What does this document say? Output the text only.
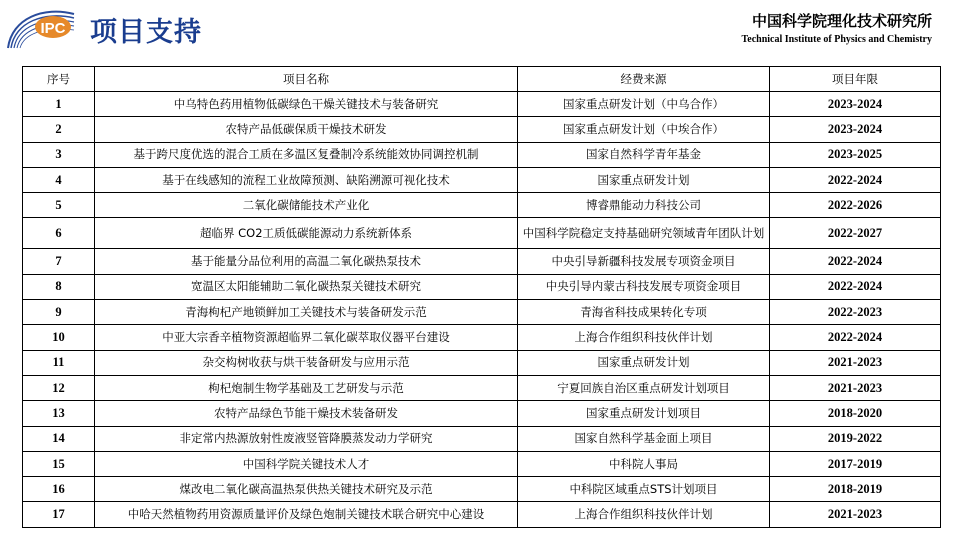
IPC 项目支持	中国科学院理化技术研究所
Technical Institute of Physics and Chemistry
序号	项目名称	经费来源	项目年限
1	中乌特色药用植物低碳绿色干燥关键技术与装备研究	国家重点研发计划（中乌合作）	2023-2024
2	农特产品低碳保质干燥技术研发	国家重点研发计划（中埃合作）	2023-2024
3	基于跨尺度优选的混合工质在多温区复叠制冷系统能效协同调控机制	国家自然科学青年基金	2023-2025
4	基于在线感知的流程工业故障预测、缺陷溯源可视化技术	国家重点研发计划	2022-2024
5	二氧化碳储能技术产业化	博睿鼎能动力科技公司	2022-2026
6	超临界 CO2工质低碳能源动力系统新体系	中国科学院稳定支持基础研究领域青年团队计划	2022-2027
7	基于能量分品位利用的高温二氧化碳热泵技术	中央引导新疆科技发展专项资金项目	2022-2024
8	宽温区太阳能辅助二氧化碳热泵关键技术研究	中央引导内蒙古科技发展专项资金项目	2022-2024
9	青海枸杞产地锁鲜加工关键技术与装备研发示范	青海省科技成果转化专项	2022-2023
10	中亚大宗香辛植物资源超临界二氧化碳萃取仪器平台建设	上海合作组织科技伙伴计划	2022-2024
11	杂交构树收获与烘干装备研发与应用示范	国家重点研发计划	2021-2023
12	枸杞炮制生物学基础及工艺研发与示范	宁夏回族自治区重点研发计划项目	2021-2023
13	农特产品绿色节能干燥技术装备研发	国家重点研发计划项目	2018-2020
14	非定常内热源放射性废液竖管降膜蒸发动力学研究	国家自然科学基金面上项目	2019-2022
15	中国科学院关键技术人才	中科院人事局	2017-2019
16	煤改电二氧化碳高温热泵供热关键技术研究及示范	中科院区域重点STS计划项目	2018-2019
17	中哈天然植物药用资源质量评价及绿色炮制关键技术联合研究中心建设	上海合作组织科技伙伴计划	2021-2023
